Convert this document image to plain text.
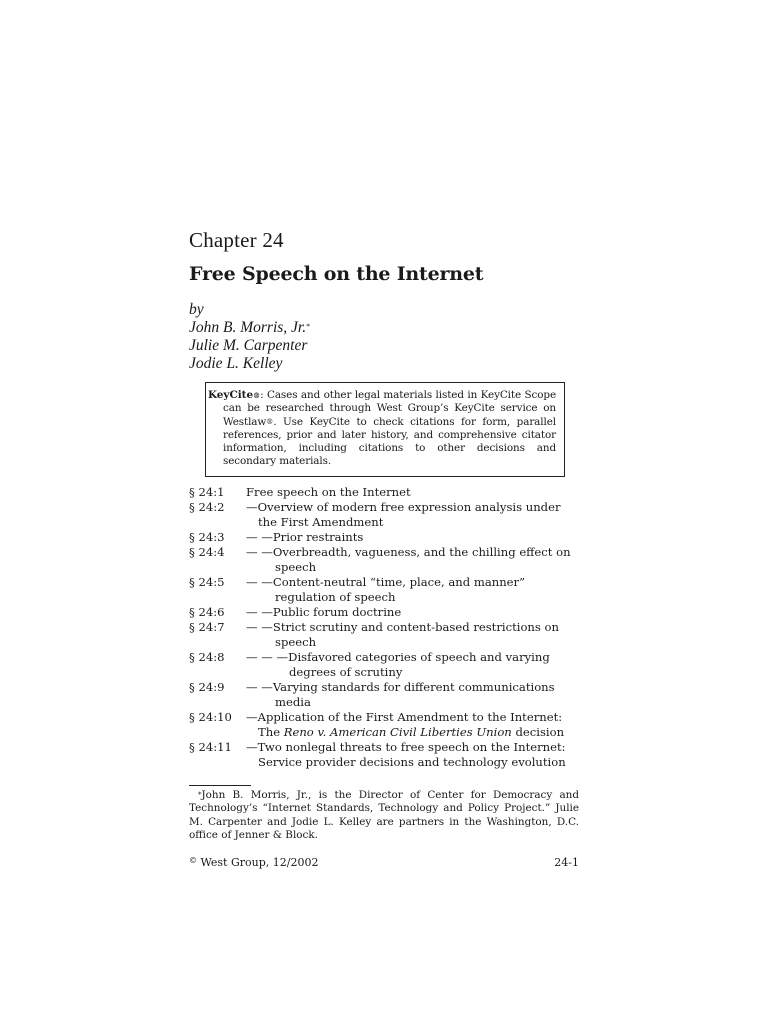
Chapter 24
Free Speech on the Internet
by
John B. Morris, Jr.*
Julie M. Carpenter
Jodie L. Kelley

KeyCite®: Cases and other legal materials listed in KeyCite Scope can be researched through West Group’s KeyCite service on Westlaw®. Use KeyCite to check citations for form, parallel references, prior and later history, and comprehensive citator information, including citations to other decisions and secondary materials.

§ 24:1	Free speech on the Internet
§ 24:2	—Overview of modern free expression analysis under
the First Amendment
§ 24:3	— —Prior restraints
§ 24:4	— —Overbreadth, vagueness, and the chilling effect on
speech
§ 24:5	— —Content-neutral “time, place, and manner”
regulation of speech
§ 24:6	— —Public forum doctrine
§ 24:7	— —Strict scrutiny and content-based restrictions on
speech
§ 24:8	— — —Disfavored categories of speech and varying
degrees of scrutiny
§ 24:9	— —Varying standards for different communications
media
§ 24:10	—Application of the First Amendment to the Internet:
The Reno v. American Civil Liberties Union decision
§ 24:11	—Two nonlegal threats to free speech on the Internet:
Service provider decisions and technology evolution
*John B. Morris, Jr., is the Director of Center for Democracy and Technology’s “Internet Standards, Technology and Policy Project.” Julie M. Carpenter and Jodie L. Kelley are partners in the Washington, D.C. office of Jenner & Block.
© West Group, 12/2002	24-1
